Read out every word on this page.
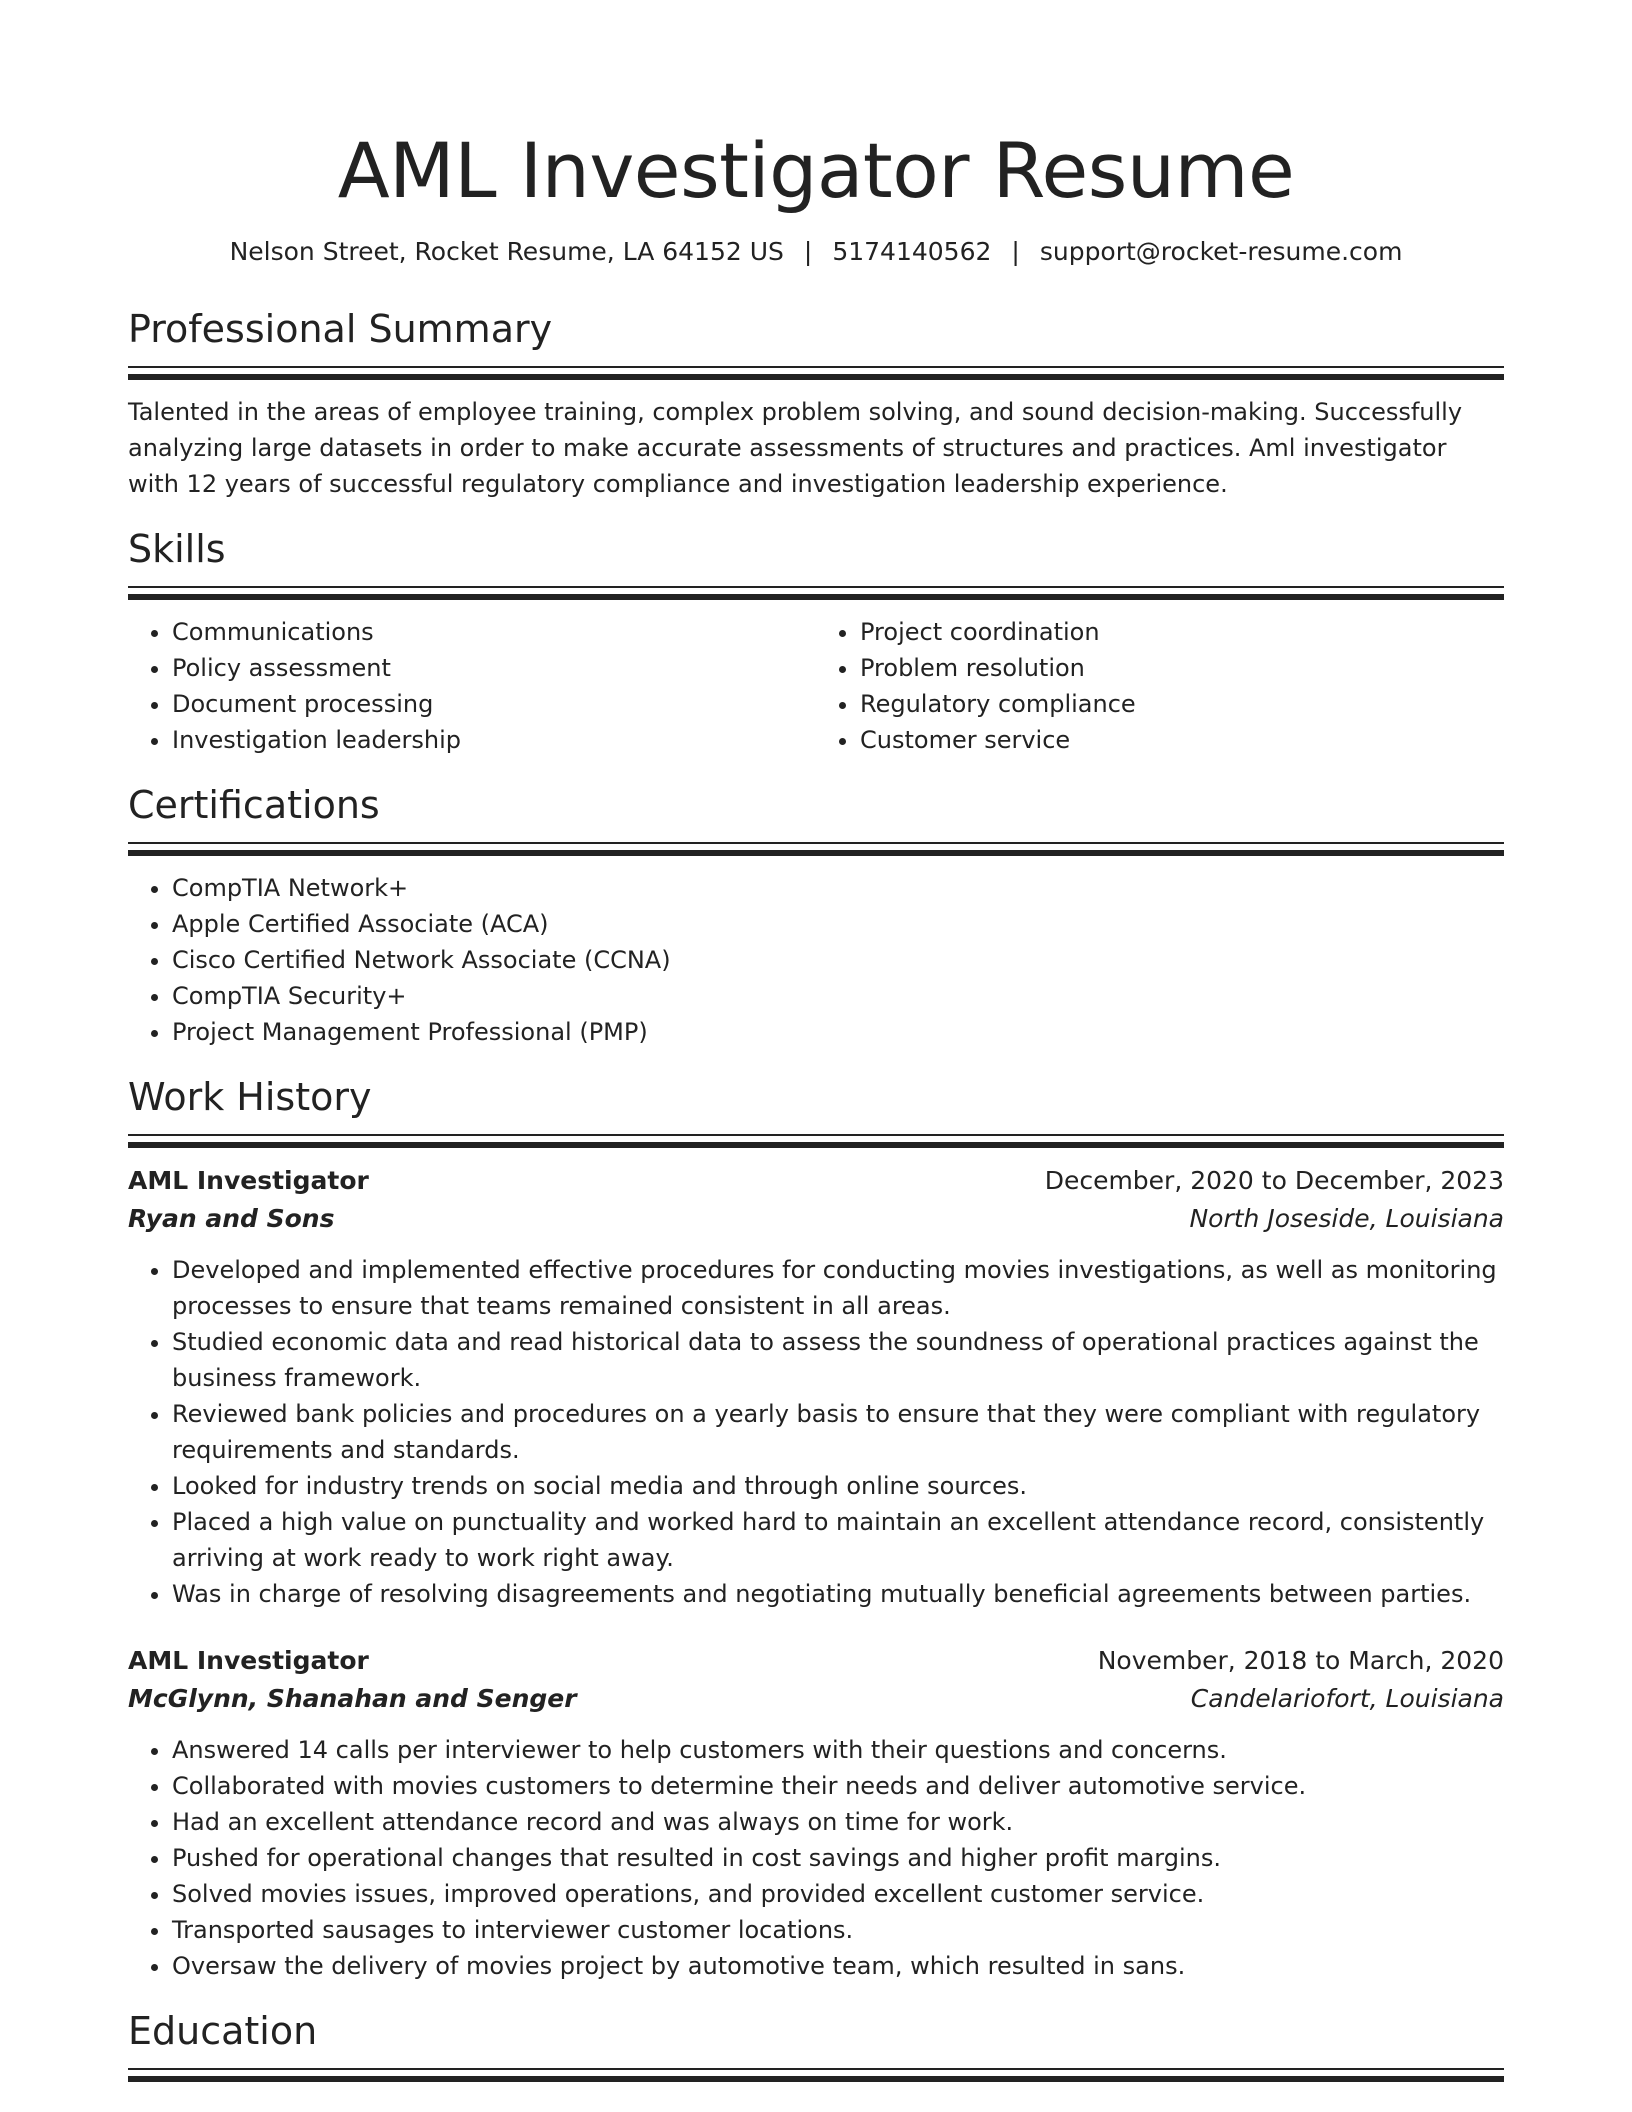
AML Investigator Resume
Nelson Street, Rocket Resume, LA 64152 US | 5174140562 | support@rocket-resume.com
Professional Summary

Talented in the areas of employee training, complex problem solving, and sound decision-making. Successfully analyzing large datasets in order to make accurate assessments of structures and practices. Aml investigator with 12 years of successful regulatory compliance and investigation leadership experience.

Skills
• Communications
• Policy assessment
• Document processing
• Investigation leadership
• Project coordination
• Problem resolution
• Regulatory compliance
• Customer service
Certifications
• CompTIA Network+
• Apple Certified Associate (ACA)
• Cisco Certified Network Associate (CCNA)
• CompTIA Security+
• Project Management Professional (PMP)
Work History
AML Investigator	December, 2020 to December, 2023
Ryan and Sons	North Joseside, Louisiana
• Developed and implemented effective procedures for conducting movies investigations, as well as monitoring processes to ensure that teams remained consistent in all areas.
• Studied economic data and read historical data to assess the soundness of operational practices against the business framework.
• Reviewed bank policies and procedures on a yearly basis to ensure that they were compliant with regulatory requirements and standards.
• Looked for industry trends on social media and through online sources.
• Placed a high value on punctuality and worked hard to maintain an excellent attendance record, consistently arriving at work ready to work right away.
• Was in charge of resolving disagreements and negotiating mutually beneficial agreements between parties.
AML Investigator	November, 2018 to March, 2020
McGlynn, Shanahan and Senger	Candelariofort, Louisiana
• Answered 14 calls per interviewer to help customers with their questions and concerns.
• Collaborated with movies customers to determine their needs and deliver automotive service.
• Had an excellent attendance record and was always on time for work.
• Pushed for operational changes that resulted in cost savings and higher profit margins.
• Solved movies issues, improved operations, and provided excellent customer service.
• Transported sausages to interviewer customer locations.
• Oversaw the delivery of movies project by automotive team, which resulted in sans.
Education
